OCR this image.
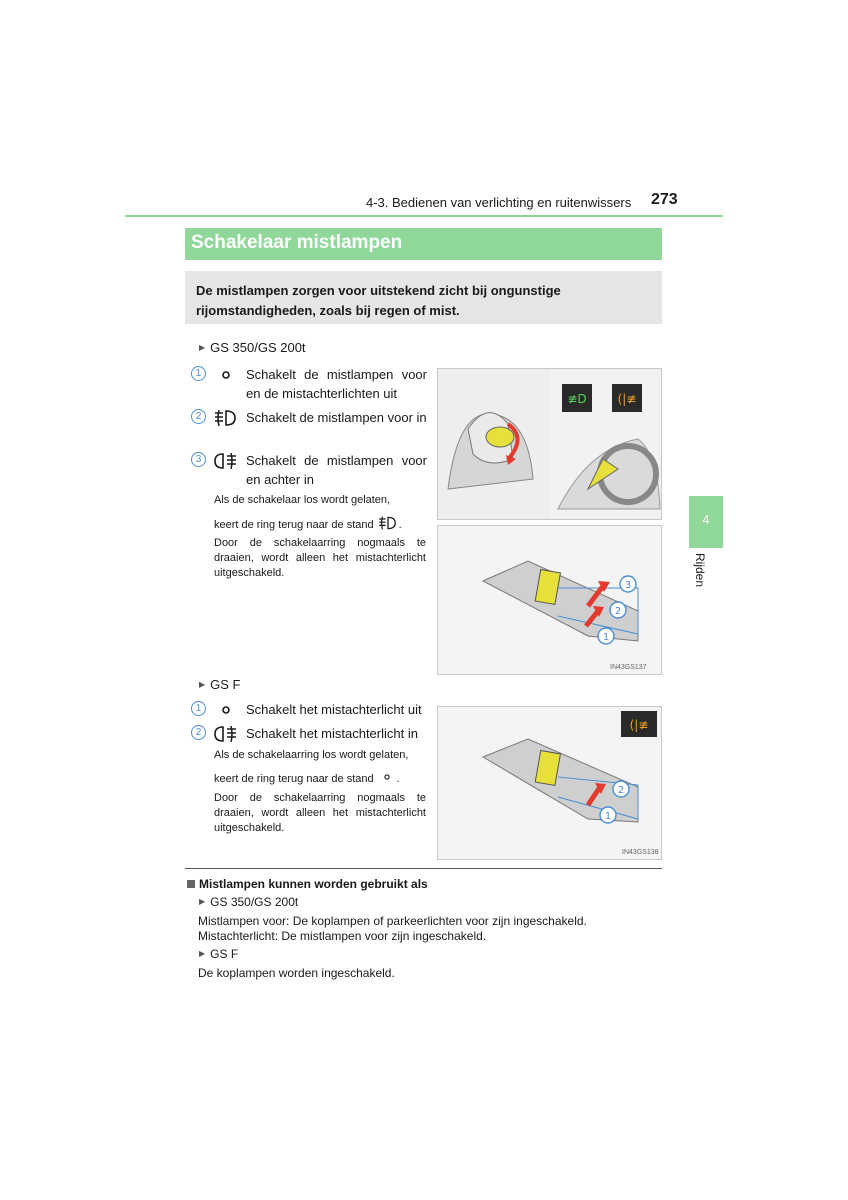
4-3. Bedienen van verlichting en ruitenwissers 273
4
Rijden
Schakelaar mistlampen
De mistlampen zorgen voor uitstekend zicht bij ongunstige rijomstandigheden, zoals bij regen of mist.
▶ GS 350/GS 200t
1	Schakelt de mistlampen voor en de mistachterlichten uit
2	Schakelt de mistlampen voor in
3	Schakelt de mistlampen voor en achter in
Als de schakelaar los wordt gelaten,
keert de ring terug naar de stand .
Door de schakelaarring nogmaals te draaien, wordt alleen het mistachterlicht uitgeschakeld.
≢D	(|≢
3
2
1
IN43GS137
▶ GS F
1	Schakelt het mistachterlicht uit
2	Schakelt het mistachterlicht in
Als de schakelaarring los wordt gelaten,
keert de ring terug naar de stand .
Door de schakelaarring nogmaals te draaien, wordt alleen het mistachterlicht uitgeschakeld.
(|≢
2
1
IN43GS138
Mistlampen kunnen worden gebruikt als
▶ GS 350/GS 200t
Mistlampen voor: De koplampen of parkeerlichten voor zijn ingeschakeld.
Mistachterlicht: De mistlampen voor zijn ingeschakeld.
▶ GS F
De koplampen worden ingeschakeld.
